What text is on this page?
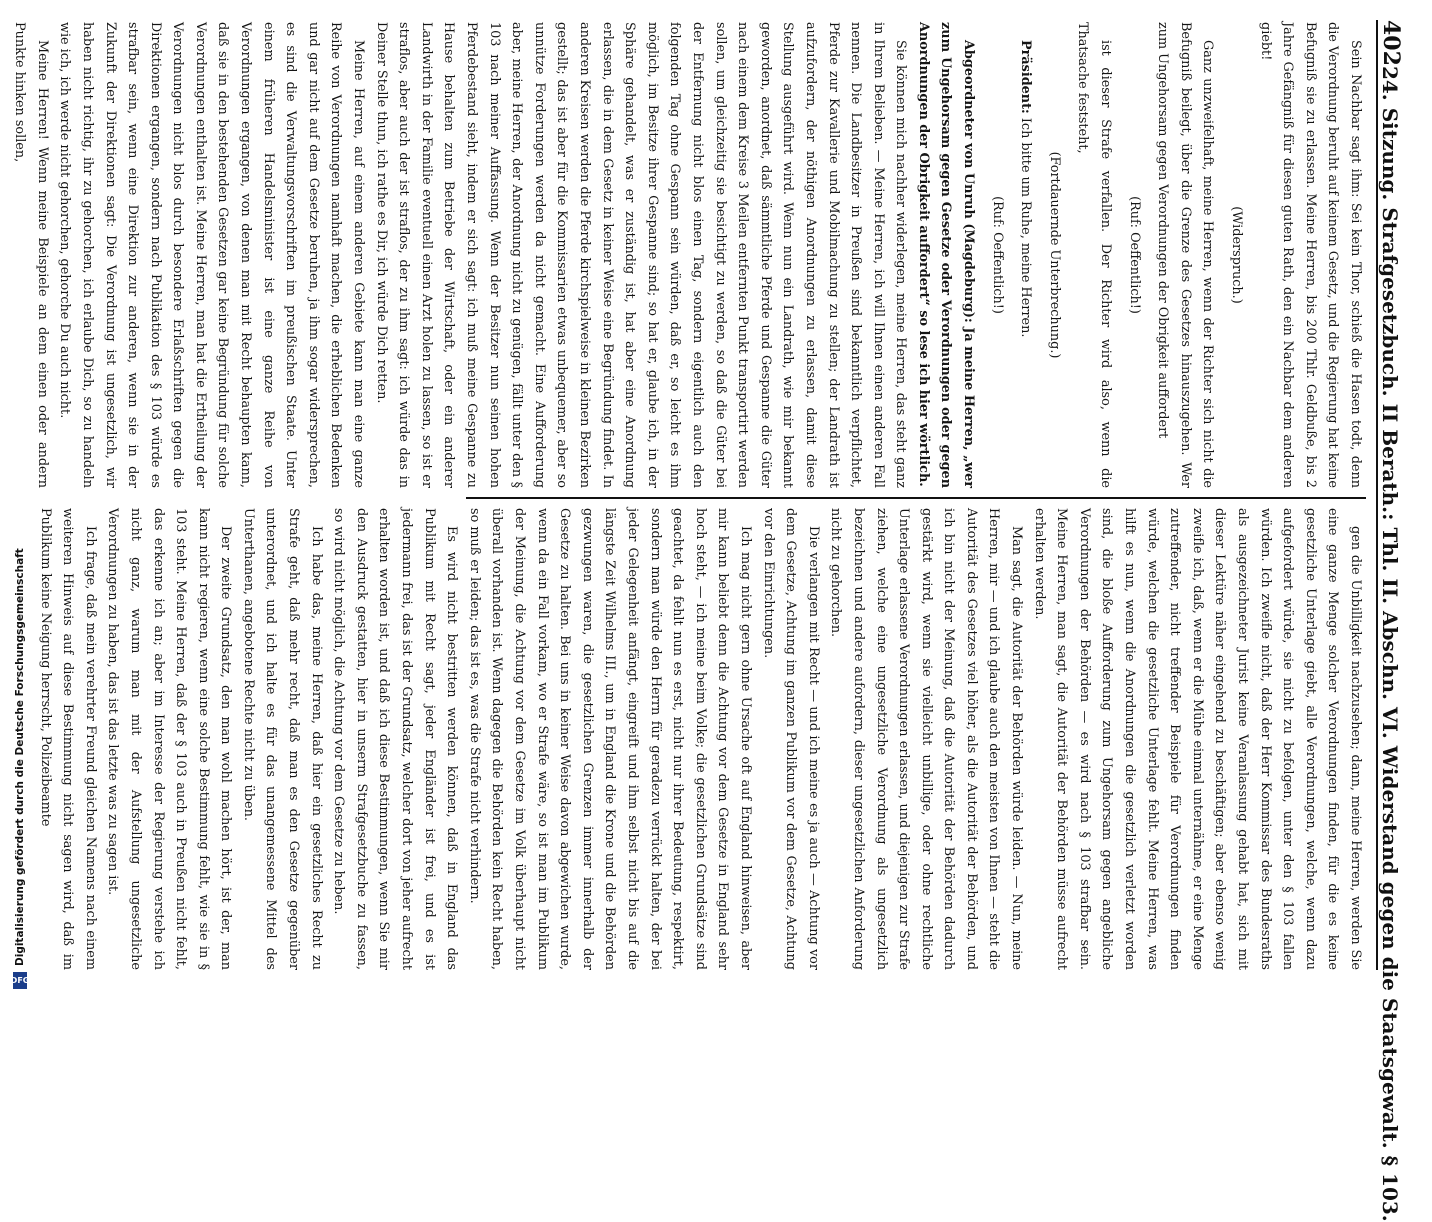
402
24. Sitzung. Strafgesetzbuch. II Berath.: Thl. II. Abschn. VI. Widerstand gegen die Staatsgewalt. § 103.

Sein Nachbar sagt ihm: Sei kein Thor, schieß die Hasen todt, denn die Verordnung beruht auf keinem Gesetz, und die Regierung hat keine Befugniß sie zu erlassen. Meine Herren, bis 200 Thlr. Geldbuße, bis 2 Jahre Gefängniß für diesen guten Rath, den ein Nachbar dem anderen giebt!

(Widerspruch.)

Ganz unzweifelhaft, meine Herren, wenn der Richter sich nicht die Befugniß beilegt, über die Grenze des Gesetzes hinauszugehen. Wer zum Ungehorsam gegen Verordnungen der Obrigkeit auffordert

(Ruf: Oeffentlich!)

ist dieser Strafe verfallen. Der Richter wird also, wenn die Thatsache feststeht,

(Fortdauernde Unterbrechung.)

Präsident: Ich bitte um Ruhe, meine Herren.

(Ruf: Oeffentlich!)

Abgeordneter von Unruh (Magdeburg): Ja meine Herren, „wer zum Ungehorsam gegen Gesetze oder Verordnungen oder gegen Anordnungen der Obrigkeit auffordert“ so lese ich hier wörtlich.

Sie können mich nachher widerlegen, meine Herren, das steht ganz in Ihrem Belieben. — Meine Herren, ich will Ihnen einen anderen Fall nennen. Die Landbesitzer in Preußen sind bekanntlich verpflichtet, Pferde zur Kavallerie und Mobilmachung zu stellen; der Landrath ist aufzufordern, der nöthigen Anordnungen zu erlassen, damit diese Stellung ausgeführt wird. Wenn nun ein Landrath, wie mir bekannt geworden, anordnet, daß sämmtliche Pferde und Gespanne die Güter nach einem dem Kreise 3 Meilen entfernten Punkt transportirt werden sollen, um gleichzeitig sie besichtigt zu werden, so daß die Güter bei der Entfernung nicht blos einen Tag, sondern eigentlich auch den folgenden Tag ohne Gespann sein würden, daß er, so leicht es ihm möglich, im Besitze ihrer Gespanne sind; so hat er, glaube ich, in der Sphäre gehandelt, was er zuständig ist, hat aber eine Anordnung erlassen, die in dem Gesetz in keiner Weise eine Begründung findet. In anderen Kreisen werden die Pferde kirchspielweise in kleinen Bezirken gestellt; das ist aber für die Kommissarien etwas unbequemer, aber so unnütze Forderungen werden da nicht gemacht. Eine Aufforderung aber, meine Herren, der Anordnung nicht zu genügen, fällt unter den § 103 nach meiner Auffassung. Wenn der Besitzer nun seinen hohen Pferdebestand sieht, indem er sich sagt: ich muß meine Gespanne zu Hause behalten zum Betriebe der Wirtschaft, oder ein anderer Landwirth in der Familie eventuell einen Arzt holen zu lassen, so ist er straflos, aber auch der ist straflos, der zu ihm sagt: ich würde das in Deiner Stelle thun, ich rathe es Dir, ich würde Dich retten.

Meine Herren, auf einem anderen Gebiete kann man eine ganze Reihe von Verordnungen namhaft machen, die erheblichen Bedenken und gar nicht auf dem Gesetze beruhen, ja ihm sogar widersprechen, es sind die Verwaltungsvorschriften im preußischen Staate. Unter einem früheren Handelsminister ist eine ganze Reihe von Verordnungen ergangen, von denen man mit Recht behaupten kann, daß sie in den bestehenden Gesetzen gar keine Begründung für solche Verordnungen enthalten ist. Meine Herren, man hat die Ertheilung der Verordnungen nicht blos durch besondere Erlaßschriften gegen die Direktionen ergangen, sondern nach Publikation des § 103 würde es strafbar sein, wenn eine Direktion zur anderen, wenn sie in der Zukunft der Direktionen sagt: Die Verordnung ist ungesetzlich, wir haben nicht richtig, ihr zu gehorchen, ich erlaube Dich, so zu handeln wie ich, ich werde nicht gehorchen, gehorche Du auch nicht.

Meine Herren! Wenn meine Beispiele an dem einen oder andern Punkte hinken sollen,

gen die Unbilligkeit nachzusehen; dann, meine Herren, werden Sie eine ganze Menge solcher Verordnungen finden, für die es keine gesetzliche Unterlage giebt, alle Verordnungen, welche, wenn dazu aufgefordert würde, sie nicht zu befolgen, unter den § 103 fallen würden. Ich zweifle nicht, daß der Herr Kommissar des Bundesraths als ausgezeichneter Jurist keine Veranlassung gehabt hat, sich mit dieser Lektüre näher eingehend zu beschäftigen; aber ebenso wenig zweifle ich, daß, wenn er die Mühe einmal unternähme, er eine Menge zutreffender, nicht treffender Beispiele für Verordnungen finden würde, welchen die gesetzliche Unterlage fehlt. Meine Herren, was hilft es nun, wenn die Anordnungen die gesetzlich verletzt worden sind, die bloße Aufforderung zum Ungehorsam gegen angebliche Verordnungen der Behörden — es wird nach § 103 strafbar sein. Meine Herren, man sagt, die Autorität der Behörden müsse aufrecht erhalten werden.

Man sagt, die Autorität der Behörden würde leiden. — Nun, meine Herren, mir — und ich glaube auch den meisten von Ihnen — steht die Autorität des Gesetzes viel höher, als die Autorität der Behörden, und ich bin nicht der Meinung, daß die Autorität der Behörden dadurch gestärkt wird, wenn sie vielleicht unbillige, oder ohne rechtliche Unterlage erlassene Verordnungen erlassen, und diejenigen zur Strafe ziehen, welche eine ungesetzliche Verordnung als ungesetzlich bezeichnen und andere aufordern, dieser ungesetzlichen Anforderung nicht zu gehorchen.

Die verlangen mit Recht — und ich meine es ja auch — Achtung vor dem Gesetze, Achtung im ganzen Publikum vor dem Gesetze, Achtung vor den Einrichtungen.

Ich mag nicht gern ohne Ursache oft auf England hinweisen, aber mir kann beliebt denn die Achtung vor dem Gesetze in England sehr hoch steht, — ich meine beim Volke; die gesetzlichen Grundsätze sind geachtet, da fehlt nun es erst, nicht nur ihrer Bedeutung, respektirt, sondern man würde den Herrn für geradezu verrückt halten, der bei jeder Gelegenheit anfängt, eingreift und ihm selbst nicht bis auf die längste Zeit Wilhelms III., um in England die Krone und die Behörden gezwungen waren, die gesetzlichen Grenzen immer innerhalb der Gesetze zu halten. Bei uns in keiner Weise davon abgewichen wurde, wenn da ein Fall vorkam, wo er Strafe wäre, so ist man im Publikum der Meinung, die Achtung vor dem Gesetze im Volk überhaupt nicht überall vorhanden ist. Wenn dagegen die Behörden kein Recht haben, so muß er leiden; das ist es, was die Strafe nicht verhindern.

Es wird nicht bestritten werden können, daß in England das Publikum mit Recht sagt, jeder Engländer ist frei, und es ist jedermann frei, das ist der Grundsatz, welcher dort von jeher aufrecht erhalten worden ist, und daß ich diese Bestimmungen, wenn Sie mir den Ausdruck gestatten, hier in unserm Strafgesetzbuche zu fassen, so wird nicht möglich, die Achtung vor dem Gesetze zu heben.

Ich habe das, meine Herren, daß hier ein gesetzliches Recht zu Strafe geht, daß mehr recht, daß man es den Gesetze gegenüber unterordnet, und ich halte es für das unangemessene Mittel des Unterthanen, angebotene Rechte nicht zu üben.

Der zweite Grundsatz, den man wohl machen hört, ist der, man kann nicht regieren, wenn eine solche Bestimmung fehlt, wie sie in § 103 steht. Meine Herren, daß der § 103 auch in Preußen nicht fehlt, das erkenne ich an; aber im Interesse der Regierung verstehe ich nicht ganz, warum man mit der Aufstellung ungesetzliche Verordnungen zu haben, das ist das letzte was zu sagen ist.

Ich frage, daß mein verehrter Freund gleichen Namens nach einem weiteren Hinweis auf diese Bestimmung nicht sagen wird, daß im Publikum keine Neigung herrscht, Polizeibeamte

DFG
Digitalisierung gefördert durch die Deutsche Forschungsgemeinschaft
